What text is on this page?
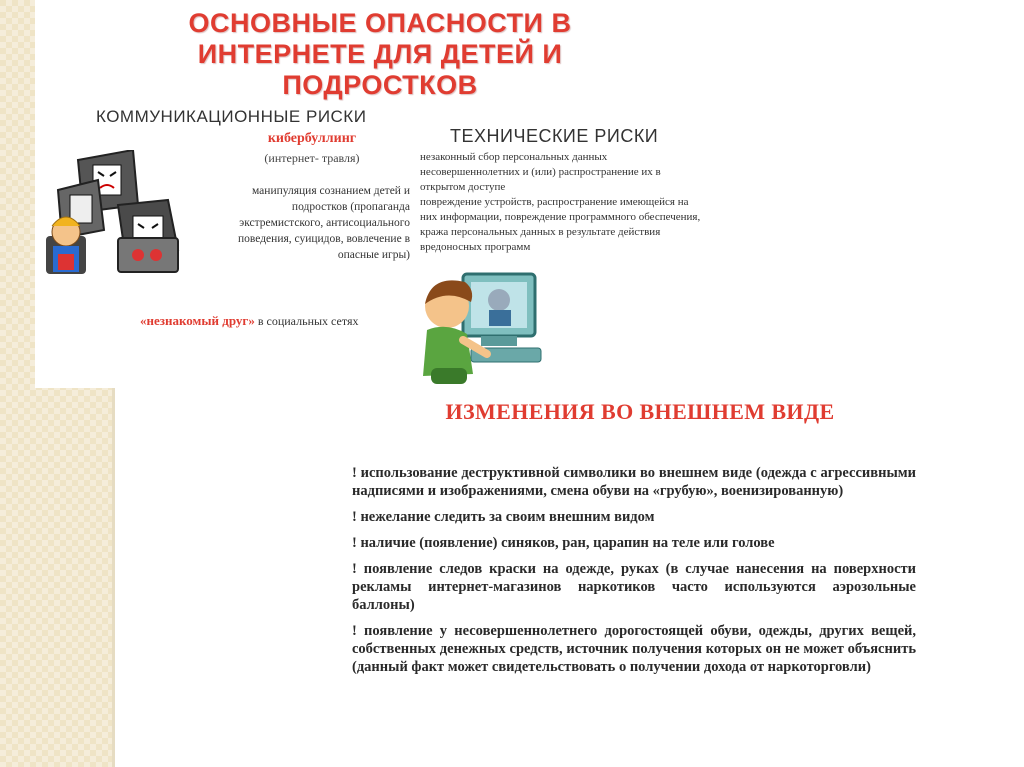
ОСНОВНЫЕ ОПАСНОСТИ В ИНТЕРНЕТЕ ДЛЯ ДЕТЕЙ И ПОДРОСТКОВ
КОММУНИКАЦИОННЫЕ РИСКИ
кибербуллинг
(интернет- травля)
манипуляция сознанием детей и подростков (пропаганда экстремистского, антисоциального поведения, суицидов, вовлечение в опасные игры)
«незнакомый друг» в социальных сетях
ТЕХНИЧЕСКИЕ РИСКИ
незаконный сбор персональных данных несовершеннолетних и (или) распространение их в открытом доступе
повреждение устройств, распространение имеющейся на них информации, повреждение программного обеспечения, кража персональных данных в результате действия вредоносных программ
ИЗМЕНЕНИЯ ВО ВНЕШНЕМ ВИДЕ

! использование деструктивной символики во внешнем виде (одежда с агрессивными надписями и изображениями, смена обуви на «грубую», военизированную)

! нежелание следить за своим внешним видом

! наличие (появление) синяков, ран, царапин на теле или голове

! появление следов краски на одежде, руках (в случае нанесения на поверхности рекламы интернет-магазинов наркотиков часто используются аэрозольные баллоны)

! появление у несовершеннолетнего дорогостоящей обуви, одежды, других вещей, собственных денежных средств, источник получения которых он не может объяснить (данный факт может свидетельствовать о получении дохода от наркоторговли)
